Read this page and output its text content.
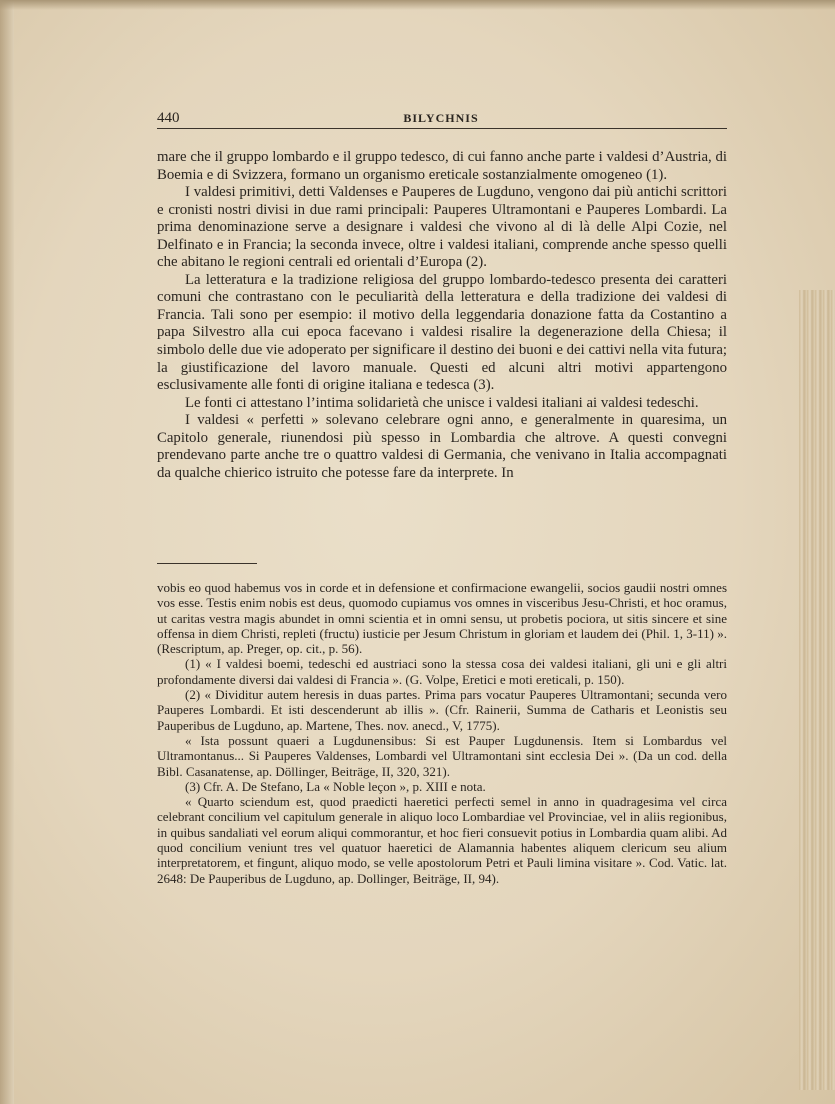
440	BILYCHNIS

mare che il gruppo lombardo e il gruppo tedesco, di cui fanno anche parte i valdesi d’Austria, di Boemia e di Svizzera, formano un organismo ereticale sostanzialmente omogeneo (1).

I valdesi primitivi, detti Valdenses e Pauperes de Lugduno, vengono dai più antichi scrittori e cronisti nostri divisi in due rami principali: Pauperes Ultramontani e Pauperes Lombardi. La prima denominazione serve a designare i valdesi che vivono al di là delle Alpi Cozie, nel Delfinato e in Francia; la seconda invece, oltre i valdesi italiani, comprende anche spesso quelli che abitano le regioni centrali ed orientali d’Europa (2).

La letteratura e la tradizione religiosa del gruppo lombardo-tedesco presenta dei caratteri comuni che contrastano con le peculiarità della letteratura e della tradizione dei valdesi di Francia. Tali sono per esempio: il motivo della leggendaria donazione fatta da Costantino a papa Silvestro alla cui epoca facevano i valdesi risalire la degenerazione della Chiesa; il simbolo delle due vie adoperato per significare il destino dei buoni e dei cattivi nella vita futura; la giustificazione del lavoro manuale. Questi ed alcuni altri motivi appartengono esclusivamente alle fonti di origine italiana e tedesca (3).

Le fonti ci attestano l’intima solidarietà che unisce i valdesi italiani ai valdesi tedeschi.

I valdesi « perfetti » solevano celebrare ogni anno, e generalmente in quaresima, un Capitolo generale, riunendosi più spesso in Lombardia che altrove. A questi convegni prendevano parte anche tre o quattro valdesi di Germania, che venivano in Italia accompagnati da qualche chierico istruito che potesse fare da interprete. In

vobis eo quod habemus vos in corde et in defensione et confirmacione ewangelii, socios gaudii nostri omnes vos esse. Testis enim nobis est deus, quomodo cupiamus vos omnes in visceribus Jesu-Christi, et hoc oramus, ut caritas vestra magis abundet in omni scientia et in omni sensu, ut probetis pociora, ut sitis sincere et sine offensa in diem Christi, repleti (fructu) iusticie per Jesum Christum in gloriam et laudem dei (Phil. 1, 3-11) ». (Rescriptum, ap. Preger, op. cit., p. 56).

(1) « I valdesi boemi, tedeschi ed austriaci sono la stessa cosa dei valdesi italiani, gli uni e gli altri profondamente diversi dai valdesi di Francia ». (G. Volpe, Eretici e moti ereticali, p. 150).

(2) « Dividitur autem heresis in duas partes. Prima pars vocatur Pauperes Ultramontani; secunda vero Pauperes Lombardi. Et isti descenderunt ab illis ». (Cfr. Rainerii, Summa de Catharis et Leonistis seu Pauperibus de Lugduno, ap. Martene, Thes. nov. anecd., V, 1775).

« Ista possunt quaeri a Lugdunensibus: Si est Pauper Lugdunensis. Item si Lombardus vel Ultramontanus... Si Pauperes Valdenses, Lombardi vel Ultramontani sint ecclesia Dei ». (Da un cod. della Bibl. Casanatense, ap. Döllinger, Beiträge, II, 320, 321).

(3) Cfr. A. De Stefano, La « Noble leçon », p. XIII e nota.

« Quarto sciendum est, quod praedicti haeretici perfecti semel in anno in quadragesima vel circa celebrant concilium vel capitulum generale in aliquo loco Lombardiae vel Provinciae, vel in aliis regionibus, in quibus sandaliati vel eorum aliqui commorantur, et hoc fieri consuevit potius in Lombardia quam alibi. Ad quod concilium veniunt tres vel quatuor haeretici de Alamannia habentes aliquem clericum seu alium interpretatorem, et fingunt, aliquo modo, se velle apostolorum Petri et Pauli limina visitare ». Cod. Vatic. lat. 2648: De Pauperibus de Lugduno, ap. Dollinger, Beiträge, II, 94).
